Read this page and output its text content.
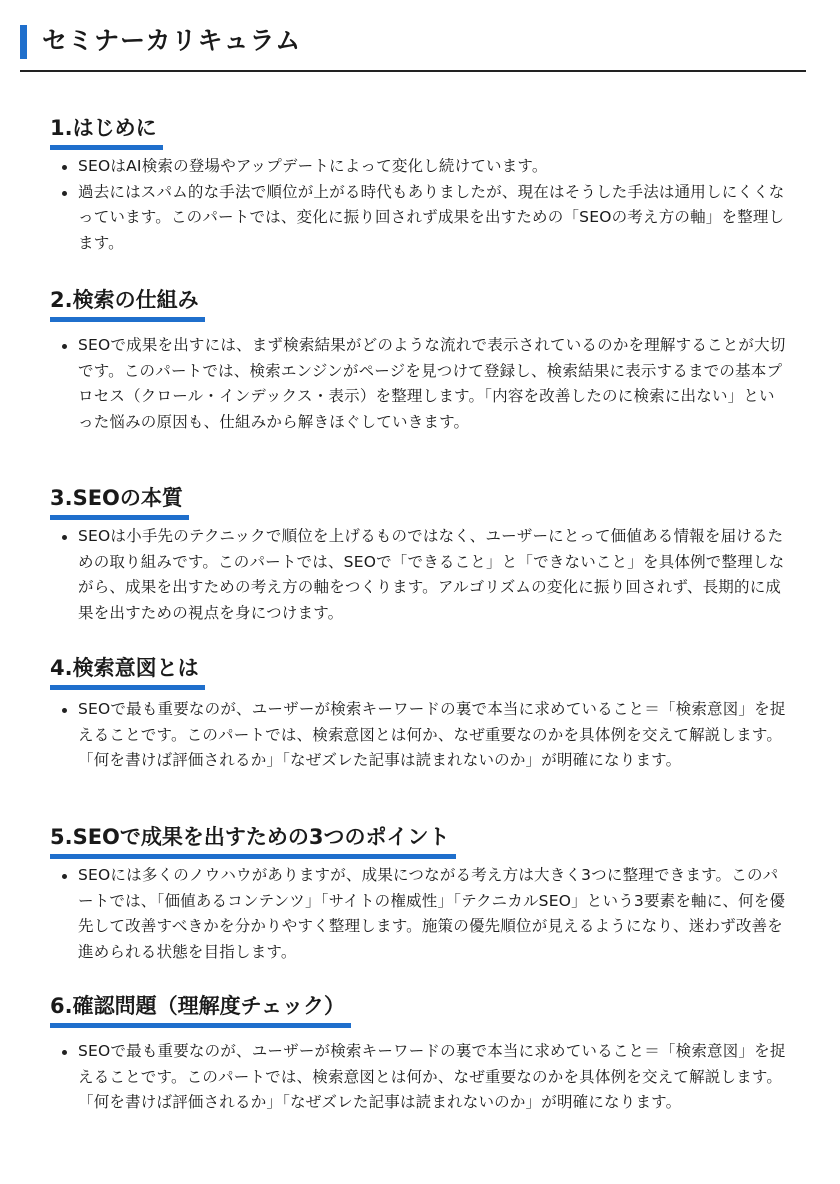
セミナーカリキュラム
1.はじめに
SEOはAI検索の登場やアップデートによって変化し続けています。
過去にはスパム的な手法で順位が上がる時代もありましたが、現在はそうした手法は通用しにくくなっています。このパートでは、変化に振り回されず成果を出すための「SEOの考え方の軸」を整理します。
2.検索の仕組み
SEOで成果を出すには、まず検索結果がどのような流れで表示されているのかを理解することが大切です。このパートでは、検索エンジンがページを見つけて登録し、検索結果に表示するまでの基本プロセス（クロール・インデックス・表示）を整理します。「内容を改善したのに検索に出ない」といった悩みの原因も、仕組みから解きほぐしていきます。
3.SEOの本質
SEOは小手先のテクニックで順位を上げるものではなく、ユーザーにとって価値ある情報を届けるための取り組みです。このパートでは、SEOで「できること」と「できないこと」を具体例で整理しながら、成果を出すための考え方の軸をつくります。アルゴリズムの変化に振り回されず、長期的に成果を出すための視点を身につけます。
4.検索意図とは
SEOで最も重要なのが、ユーザーが検索キーワードの裏で本当に求めていること＝「検索意図」を捉えることです。このパートでは、検索意図とは何か、なぜ重要なのかを具体例を交えて解説します。「何を書けば評価されるか」「なぜズレた記事は読まれないのか」が明確になります。
5.SEOで成果を出すための3つのポイント
SEOには多くのノウハウがありますが、成果につながる考え方は大きく3つに整理できます。このパートでは、「価値あるコンテンツ」「サイトの権威性」「テクニカルSEO」という3要素を軸に、何を優先して改善すべきかを分かりやすく整理します。施策の優先順位が見えるようになり、迷わず改善を進められる状態を目指します。
6.確認問題（理解度チェック）
SEOで最も重要なのが、ユーザーが検索キーワードの裏で本当に求めていること＝「検索意図」を捉えることです。このパートでは、検索意図とは何か、なぜ重要なのかを具体例を交えて解説します。「何を書けば評価されるか」「なぜズレた記事は読まれないのか」が明確になります。
